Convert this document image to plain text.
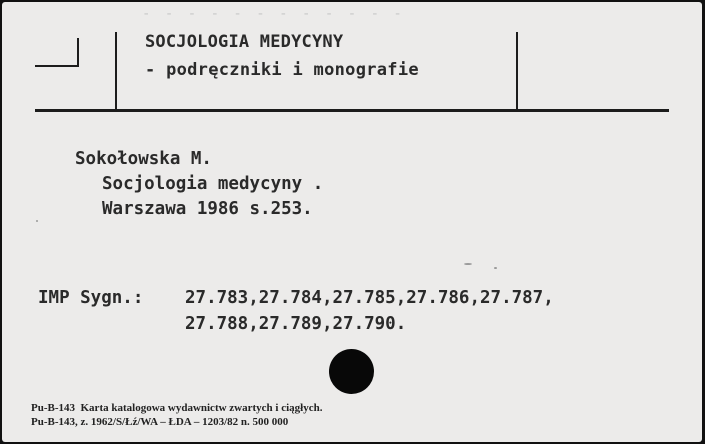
- - - - - - - - - - - -
SOCJOLOGIA MEDYCYNY
- podręczniki i monografie
Sokołowska M.
Socjologia medycyny .
Warszawa 1986 s.253.
IMP Sygn.: 27.783,27.784,27.785,27.786,27.787,
27.788,27.789,27.790.
Pu-B-143  Karta katalogowa wydawnictw zwartych i ciągłych.
Pu-B-143, z. 1962/S/Łź/WA – ŁDA – 1203/82 n. 500 000
